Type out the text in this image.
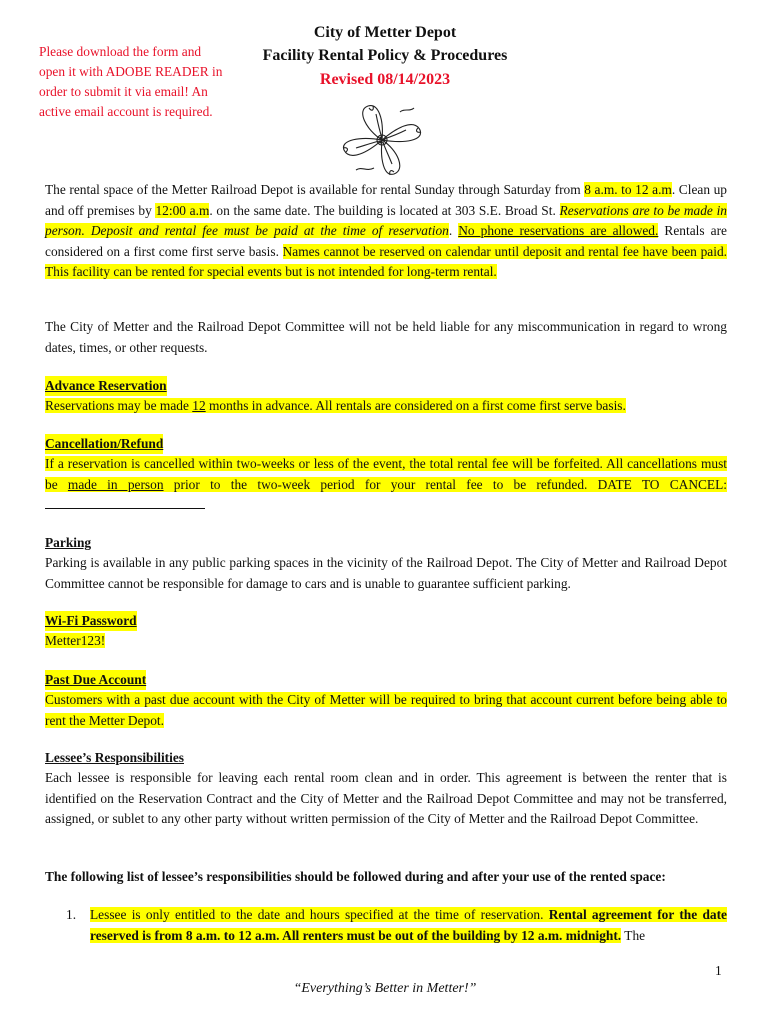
Please download the form and
open it with ADOBE READER in
order to submit it via email! An
active email account is required.
City of Metter Depot
Facility Rental Policy & Procedures
Revised 08/14/2023

The rental space of the Metter Railroad Depot is available for rental Sunday through Saturday from 8 a.m. to 12 a.m. Clean up and off premises by 12:00 a.m. on the same date. The building is located at 303 S.E. Broad St. Reservations are to be made in person. Deposit and rental fee must be paid at the time of reservation. No phone reservations are allowed. Rentals are considered on a first come first serve basis. Names cannot be reserved on calendar until deposit and rental fee have been paid. This facility can be rented for special events but is not intended for long-term rental.

The City of Metter and the Railroad Depot Committee will not be held liable for any miscommunication in regard to wrong dates, times, or other requests.

Advance Reservation

Reservations may be made 12 months in advance. All rentals are considered on a first come first serve basis.

Cancellation/Refund

If a reservation is cancelled within two-weeks or less of the event, the total rental fee will be forfeited. All cancellations must be made in person prior to the two-week period for your rental fee to be refunded. DATE TO CANCEL:

Parking

Parking is available in any public parking spaces in the vicinity of the Railroad Depot. The City of Metter and Railroad Depot Committee cannot be responsible for damage to cars and is unable to guarantee sufficient parking.

Wi-Fi Password

Metter123!

Past Due Account

Customers with a past due account with the City of Metter will be required to bring that account current before being able to rent the Metter Depot.

Lessee’s Responsibilities

Each lessee is responsible for leaving each rental room clean and in order. This agreement is between the renter that is identified on the Reservation Contract and the City of Metter and the Railroad Depot Committee and may not be transferred, assigned, or sublet to any other party without written permission of the City of Metter and the Railroad Depot Committee.

The following list of lessee’s responsibilities should be followed during and after your use of the rented space:

1. Lessee is only entitled to the date and hours specified at the time of reservation. Rental agreement for the date reserved is from 8 a.m. to 12 a.m. All renters must be out of the building by 12 a.m. midnight. The

1
“Everything’s Better in Metter!”
